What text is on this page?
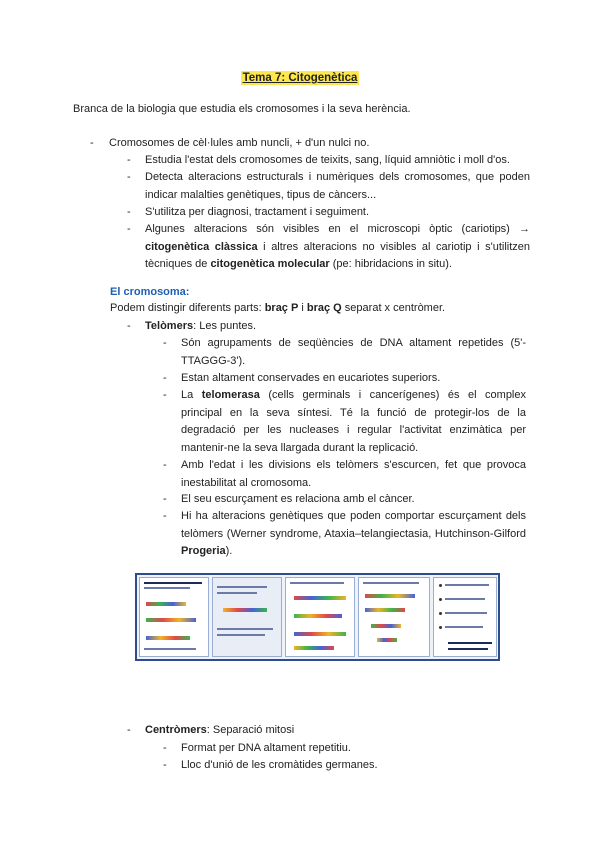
Tema 7: Citogenètica
Branca de la biologia que estudia els cromosomes i la seva herència.
- Cromosomes de cèl·lules amb nuncli, + d'un nulci no.
- Estudia l'estat dels cromosomes de teixits, sang, líquid amniòtic i moll d'os.
- Detecta alteracions estructurals i numèriques dels cromosomes, que poden indicar malalties genètiques, tipus de càncers...
- S'utilitza per diagnosi, tractament i seguiment.
- Algunes alteracions són visibles en el microscopi òptic (cariotips) → citogenètica clàssica i altres alteracions no visibles al cariotip i s'utilitzen tècniques de citogenètica molecular (pe: hibridacions in situ).
El cromosoma:
Podem distingir diferents parts: braç P i braç Q separat x centròmer.
- Telòmers: Les puntes.
- Són agrupaments de seqüències de DNA altament repetides (5'-TTAGGG-3').
- Estan altament conservades en eucariotes superiors.
- La telomerasa (cells germinals i cancerígenes) és el complex principal en la seva síntesi. Té la funció de protegir-los de la degradació per les nucleases i regular l'activitat enzimàtica per mantenir-ne la seva llargada durant la replicació.
- Amb l'edat i les divisions els telòmers s'escurcen, fet que provoca inestabilitat al cromosoma.
- El seu escurçament es relaciona amb el càncer.
- Hi ha alteracions genètiques que poden comportar escurçament dels telòmers (Werner syndrome, Ataxia–telangiectasia, Hutchinson-Gilford Progeria).
- Centròmers: Separació mitosi
- Format per DNA altament repetitiu.
- Lloc d'unió de les cromàtides germanes.
